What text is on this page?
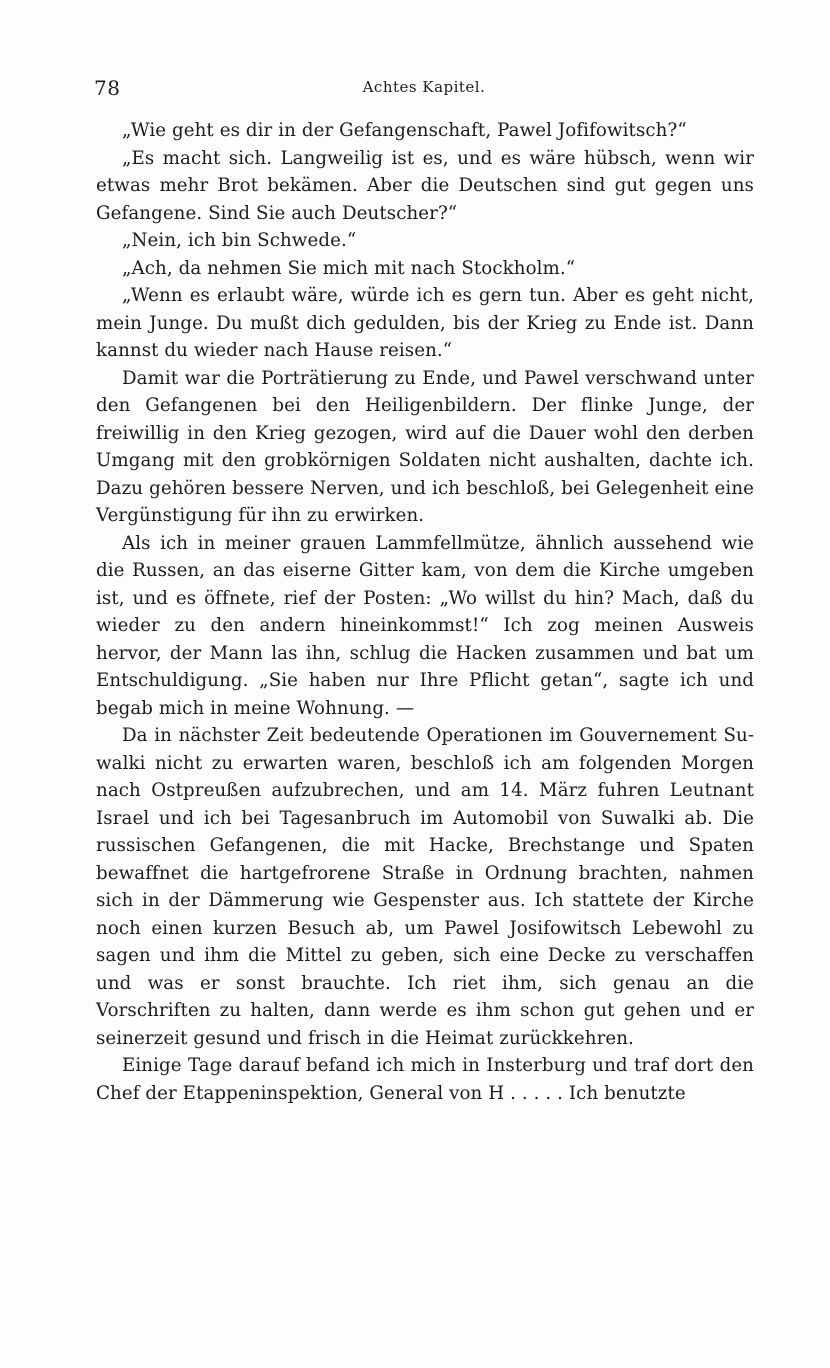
78	Achtes Kapitel.

„Wie geht es dir in der Gefangenschaft, Pawel Jofifowitsch?“

„Es macht sich. Langweilig ist es, und es wäre hübsch, wenn wir etwas mehr Brot bekämen. Aber die Deutschen sind gut gegen uns Gefangene. Sind Sie auch Deutscher?“

„Nein, ich bin Schwede.“

„Ach, da nehmen Sie mich mit nach Stockholm.“

„Wenn es erlaubt wäre, würde ich es gern tun. Aber es geht nicht, mein Junge. Du mußt dich gedulden, bis der Krieg zu Ende ist. Dann kannst du wieder nach Hause reisen.“

Damit war die Porträtierung zu Ende, und Pawel verschwand unter den Gefangenen bei den Heiligenbildern. Der flinke Junge, der freiwillig in den Krieg gezogen, wird auf die Dauer wohl den derben Umgang mit den grobkörnigen Soldaten nicht aushalten, dachte ich. Dazu gehören bessere Nerven, und ich beschloß, bei Gelegenheit eine Vergünstigung für ihn zu erwirken.

Als ich in meiner grauen Lammfellmütze, ähnlich aussehend wie die Russen, an das eiserne Gitter kam, von dem die Kirche umgeben ist, und es öffnete, rief der Posten: „Wo willst du hin? Mach, daß du wieder zu den andern hineinkommst!“ Ich zog meinen Ausweis hervor, der Mann las ihn, schlug die Hacken zusammen und bat um Entschuldigung. „Sie haben nur Ihre Pflicht getan“, sagte ich und begab mich in meine Wohnung. —

Da in nächster Zeit bedeutende Operationen im Gouvernement Suwalki nicht zu erwarten waren, beschloß ich am folgenden Morgen nach Ostpreußen aufzubrechen, und am 14. März fuhren Leutnant Israel und ich bei Tagesanbruch im Automobil von Suwalki ab. Die russischen Gefangenen, die mit Hacke, Brechstange und Spaten bewaffnet die hartgefrorene Straße in Ordnung brachten, nahmen sich in der Dämmerung wie Gespenster aus. Ich stattete der Kirche noch einen kurzen Besuch ab, um Pawel Josifowitsch Lebewohl zu sagen und ihm die Mittel zu geben, sich eine Decke zu verschaffen und was er sonst brauchte. Ich riet ihm, sich genau an die Vorschriften zu halten, dann werde es ihm schon gut gehen und er seinerzeit gesund und frisch in die Heimat zurückkehren.

Einige Tage darauf befand ich mich in Insterburg und traf dort den Chef der Etappeninspektion, General von H . . . . . Ich benutzte
